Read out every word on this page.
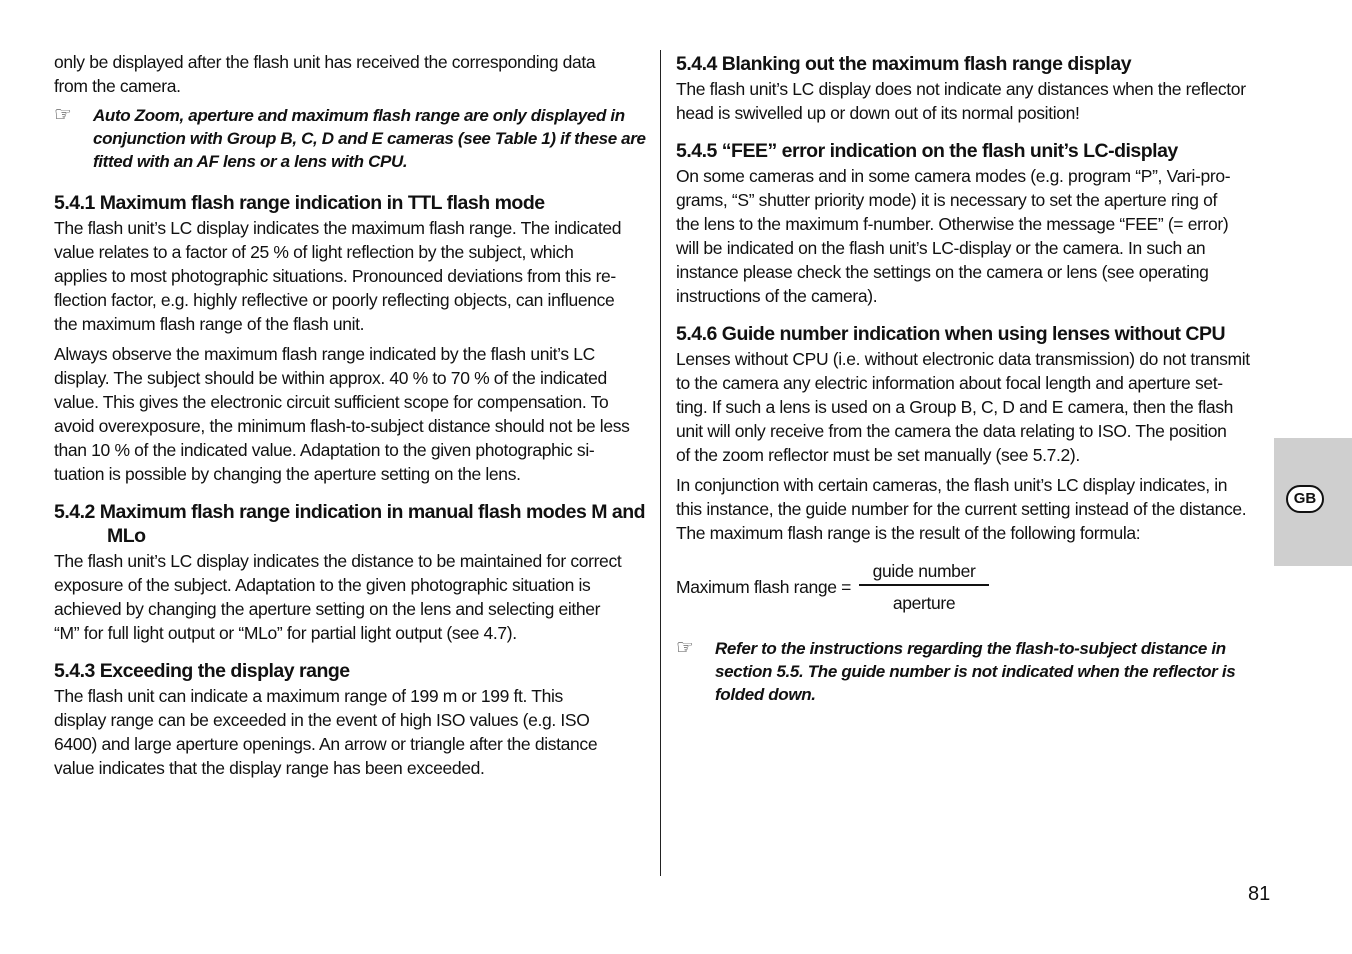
only be displayed after the flash unit has received the corresponding data
from the camera.

☞ Auto Zoom, aperture and maximum flash range are only displayed in
conjunction with Group B, C, D and E cameras (see Table 1) if these are
fitted with an AF lens or a lens with CPU.

5.4.1 Maximum flash range indication in TTL flash mode

The flash unit’s LC display indicates the maximum flash range. The indicated
value relates to a factor of 25 % of light reflection by the subject, which
applies to most photographic situations. Pronounced deviations from this re-
flection factor, e.g. highly reflective or poorly reflecting objects, can influence
the maximum flash range of the flash unit.

Always observe the maximum flash range indicated by the flash unit’s LC
display. The subject should be within approx. 40 % to 70 % of the indicated
value. This gives the electronic circuit sufficient scope for compensation. To
avoid overexposure, the minimum flash-to-subject distance should not be less
than 10 % of the indicated value. Adaptation to the given photographic si-
tuation is possible by changing the aperture setting on the lens.

5.4.2 Maximum flash range indication in manual flash modes M and MLo

The flash unit’s LC display indicates the distance to be maintained for correct
exposure of the subject. Adaptation to the given photographic situation is
achieved by changing the aperture setting on the lens and selecting either
“M” for full light output or “MLo” for partial light output (see 4.7).

5.4.3 Exceeding the display range

The flash unit can indicate a maximum range of 199 m or 199 ft. This
display range can be exceeded in the event of high ISO values (e.g. ISO
6400) and large aperture openings. An arrow or triangle after the distance
value indicates that the display range has been exceeded.

5.4.4 Blanking out the maximum flash range display

The flash unit’s LC display does not indicate any distances when the reflector
head is swivelled up or down out of its normal position!

5.4.5 “FEE” error indication on the flash unit’s LC-display

On some cameras and in some camera modes (e.g. program “P”, Vari-pro-
grams, “S” shutter priority mode) it is necessary to set the aperture ring of
the lens to the maximum f-number. Otherwise the message “FEE” (= error)
will be indicated on the flash unit’s LC-display or the camera. In such an
instance please check the settings on the camera or lens (see operating
instructions of the camera).

5.4.6 Guide number indication when using lenses without CPU

Lenses without CPU (i.e. without electronic data transmission) do not transmit
to the camera any electric information about focal length and aperture set-
ting. If such a lens is used on a Group B, C, D and E camera, then the flash
unit will only receive from the camera the data relating to ISO. The position
of the zoom reflector must be set manually (see 5.7.2).

In conjunction with certain cameras, the flash unit’s LC display indicates, in
this instance, the guide number for the current setting instead of the distance.
The maximum flash range is the result of the following formula:

Maximum flash range = $\frac{\text{guide number}}{\text{aperture}}$
☞ Refer to the instructions regarding the flash-to-subject distance in
section 5.5. The guide number is not indicated when the reflector is
folded down.

GB
81
